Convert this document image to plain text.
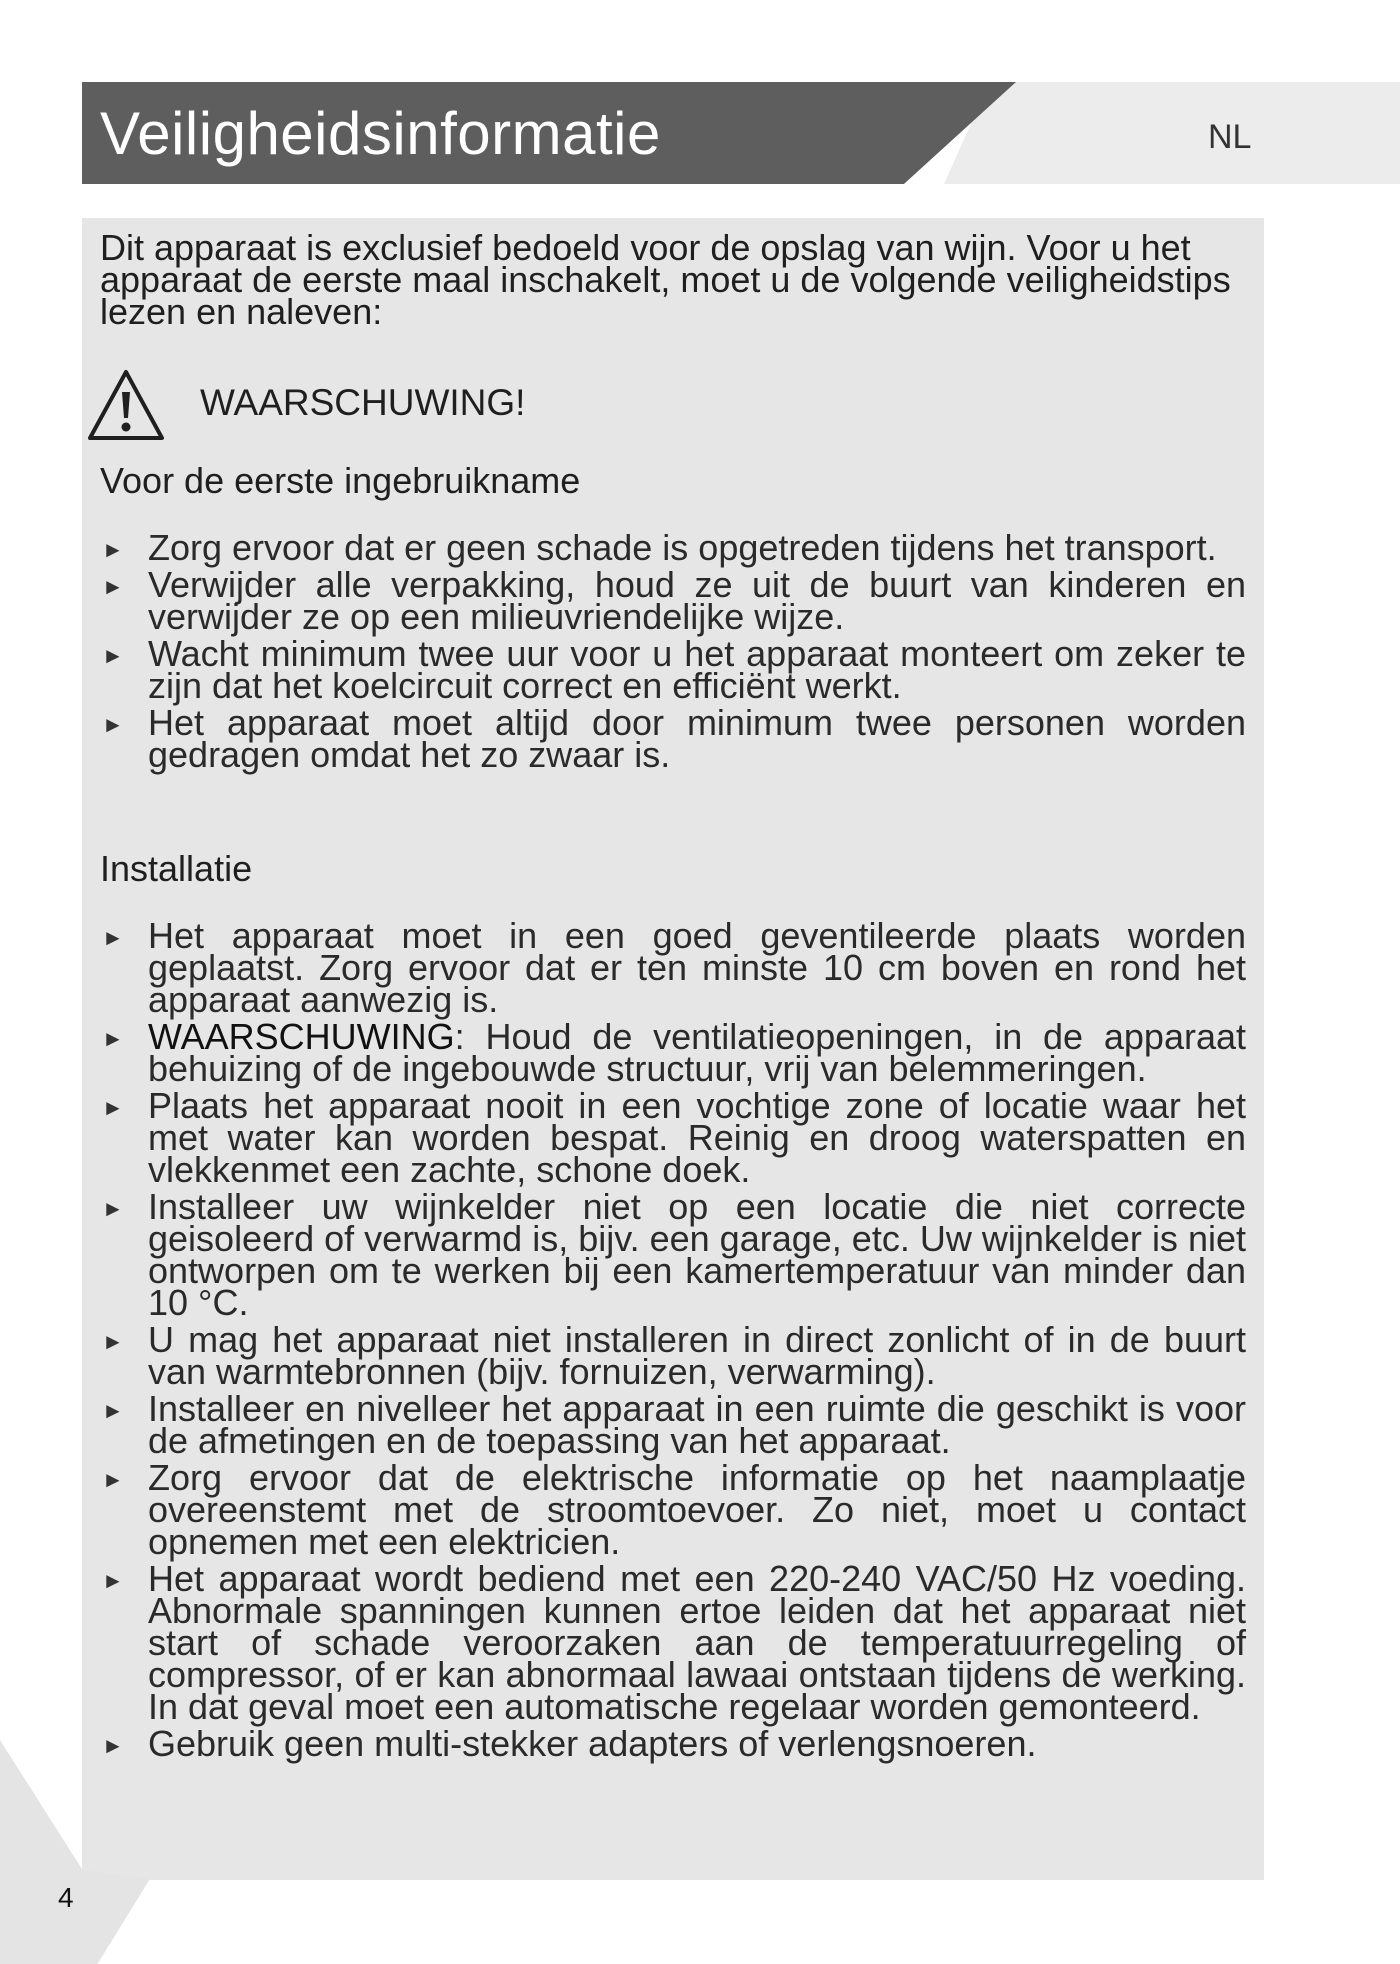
Veiligheidsinformatie	NL

Dit apparaat is exclusief bedoeld voor de opslag van wijn. Voor u het apparaat de eerste maal inschakelt, moet u de volgende veiligheidstips lezen en naleven:

WAARSCHUWING!
Voor de eerste ingebruikname
► Zorg ervoor dat er geen schade is opgetreden tijdens het transport.
► Verwijder alle verpakking, houd ze uit de buurt van kinderen en verwijder ze op een milieuvriendelijke wijze.
► Wacht minimum twee uur voor u het apparaat monteert om zeker te zijn dat het koelcircuit correct en efficiënt werkt.
► Het apparaat moet altijd door minimum twee personen worden gedragen omdat het zo zwaar is.
Installatie
► Het apparaat moet in een goed geventileerde plaats worden geplaatst. Zorg ervoor dat er ten minste 10 cm boven en rond het apparaat aanwezig is.
► WAARSCHUWING: Houd de ventilatieopeningen, in de apparaat behuizing of de ingebouwde structuur, vrij van belemmeringen.
► Plaats het apparaat nooit in een vochtige zone of locatie waar het met water kan worden bespat. Reinig en droog waterspatten en vlekkenmet een zachte, schone doek.
► Installeer uw wijnkelder niet op een locatie die niet correcte geisoleerd of verwarmd is, bijv. een garage, etc. Uw wijnkelder is niet ontworpen om te werken bij een kamertemperatuur van minder dan 10 °C.
► U mag het apparaat niet installeren in direct zonlicht of in de buurt van warmtebronnen (bijv. fornuizen, verwarming).
► Installeer en nivelleer het apparaat in een ruimte die geschikt is voor de afmetingen en de toepassing van het apparaat.
► Zorg ervoor dat de elektrische informatie op het naamplaatje overeenstemt met de stroomtoevoer. Zo niet, moet u contact opnemen met een elektricien.
► Het apparaat wordt bediend met een 220-240 VAC/50 Hz voeding. Abnormale spanningen kunnen ertoe leiden dat het apparaat niet start of schade veroorzaken aan de temperatuurregeling of compressor, of er kan abnormaal lawaai ontstaan tijdens de werking. In dat geval moet een automatische regelaar worden gemonteerd.
► Gebruik geen multi-stekker adapters of verlengsnoeren.
4
